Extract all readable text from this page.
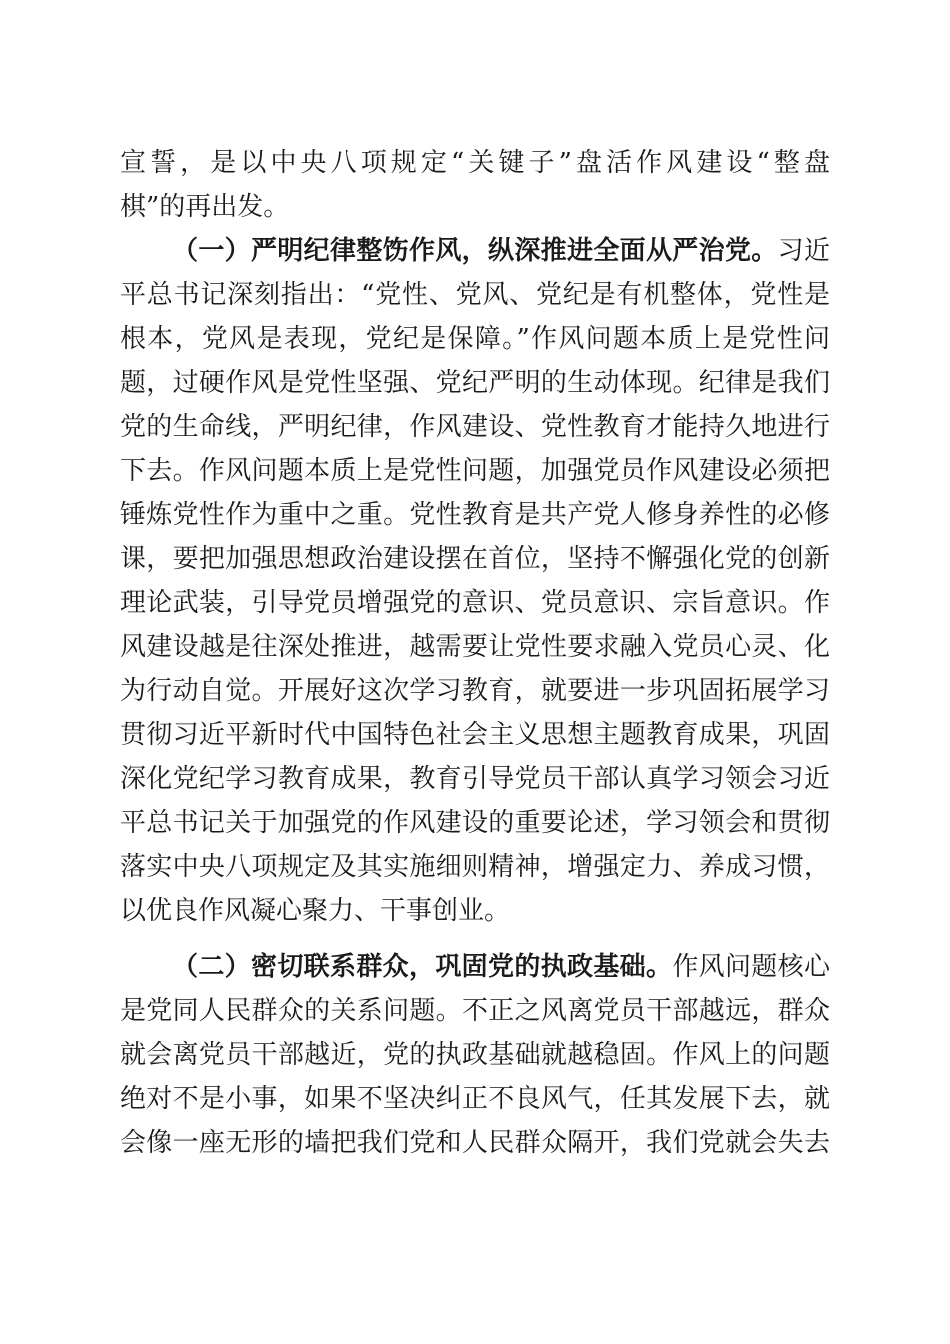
宣誓，是以中央八项规定“关键子”盘活作风建设“整盘
棋”的再出发。
（一）严明纪律整饬作风，纵深推进全面从严治党。习近
平总书记深刻指出：“党性、党风、党纪是有机整体，党性是
根本，党风是表现，党纪是保障。”作风问题本质上是党性问
题，过硬作风是党性坚强、党纪严明的生动体现。纪律是我们
党的生命线，严明纪律，作风建设、党性教育才能持久地进行
下去。作风问题本质上是党性问题，加强党员作风建设必须把
锤炼党性作为重中之重。党性教育是共产党人修身养性的必修
课，要把加强思想政治建设摆在首位，坚持不懈强化党的创新
理论武装，引导党员增强党的意识、党员意识、宗旨意识。作
风建设越是往深处推进，越需要让党性要求融入党员心灵、化
为行动自觉。开展好这次学习教育，就要进一步巩固拓展学习
贯彻习近平新时代中国特色社会主义思想主题教育成果，巩固
深化党纪学习教育成果，教育引导党员干部认真学习领会习近
平总书记关于加强党的作风建设的重要论述，学习领会和贯彻
落实中央八项规定及其实施细则精神，增强定力、养成习惯，
以优良作风凝心聚力、干事创业。
（二）密切联系群众，巩固党的执政基础。作风问题核心
是党同人民群众的关系问题。不正之风离党员干部越远，群众
就会离党员干部越近，党的执政基础就越稳固。作风上的问题
绝对不是小事，如果不坚决纠正不良风气，任其发展下去，就
会像一座无形的墙把我们党和人民群众隔开，我们党就会失去
